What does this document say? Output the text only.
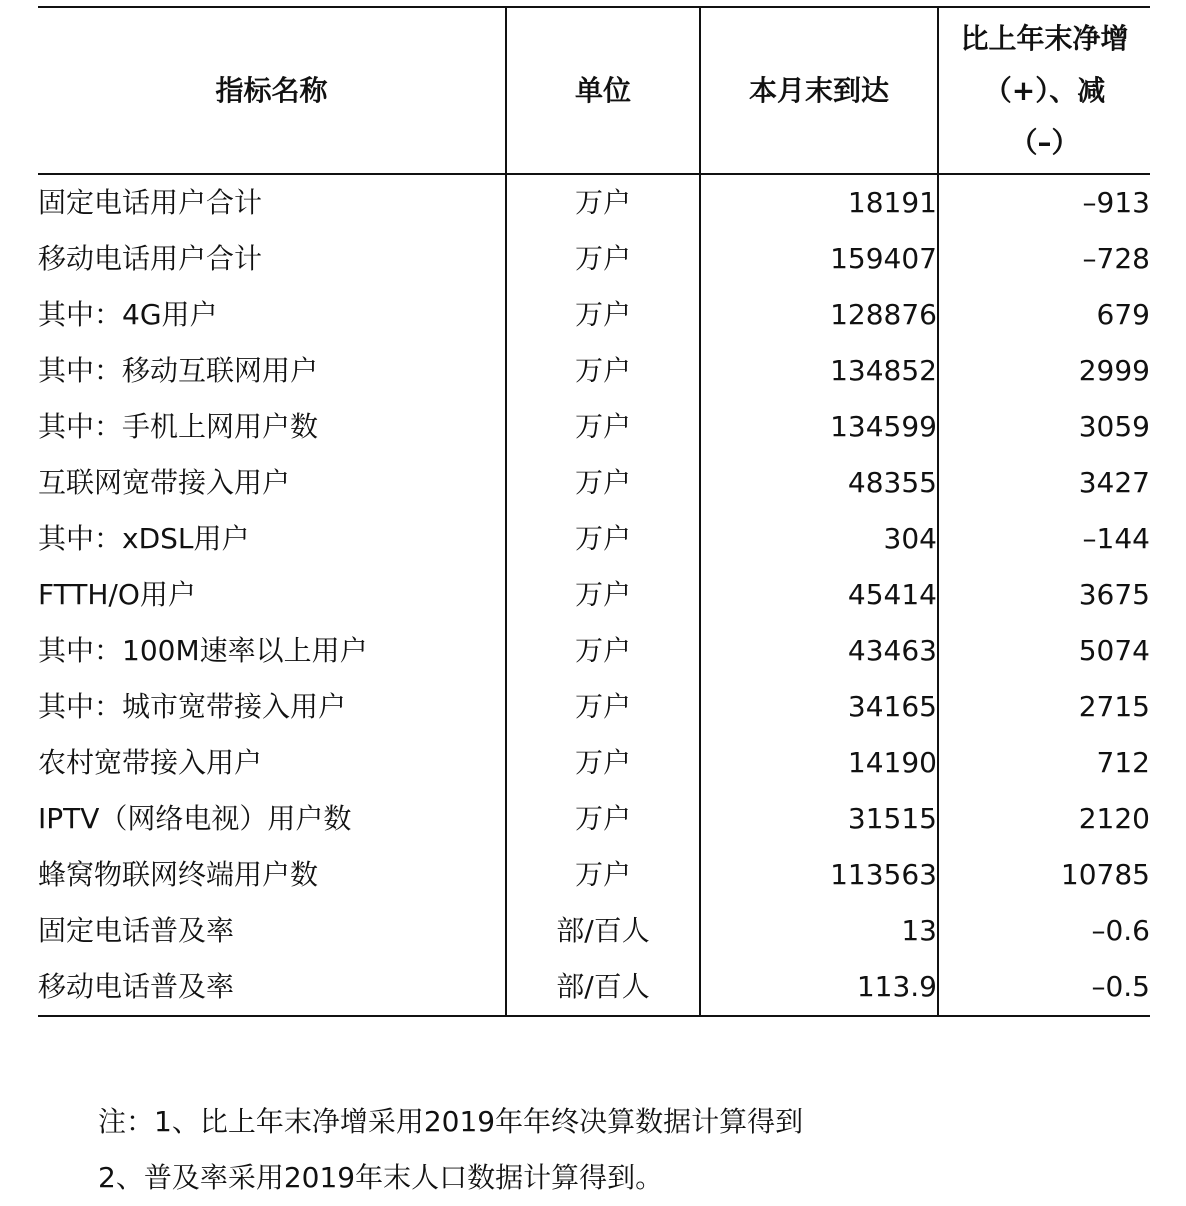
指标名称	单位	本月末到达	比上年末净增
（+）、减
（–）

固定电话用户合计	万户	18191	–913
移动电话用户合计	万户	159407	–728
其中：4G用户	万户	128876	679
其中：移动互联网用户	万户	134852	2999
其中：手机上网用户数	万户	134599	3059
互联网宽带接入用户	万户	48355	3427
其中：xDSL用户	万户	304	–144
FTTH/O用户	万户	45414	3675
其中：100M速率以上用户	万户	43463	5074
其中：城市宽带接入用户	万户	34165	2715
农村宽带接入用户	万户	14190	712
IPTV（网络电视）用户数	万户	31515	2120
蜂窝物联网终端用户数	万户	113563	10785
固定电话普及率	部/百人	13	–0.6
移动电话普及率	部/百人	113.9	–0.5
注：1、比上年末净增采用2019年年终决算数据计算得到
2、普及率采用2019年末人口数据计算得到。
